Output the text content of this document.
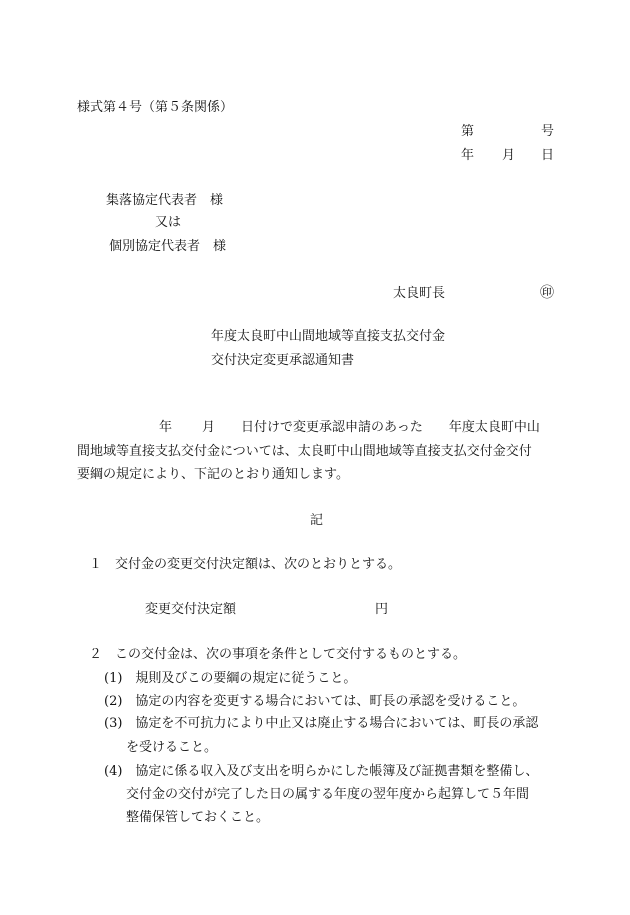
様式第４号（第５条関係）
第	号
年 月 日
集落協定代表者　様
又は
個別協定代表者　様
太良町長	㊞
年度太良町中山間地域等直接支払交付金
交付決定変更承認通知書
年 月 日付けで変更承認申請のあった　　年度太良町中山
間地域等直接支払交付金については、太良町中山間地域等直接支払交付金交付
要綱の規定により、下記のとおり通知します。
記
１　交付金の変更交付決定額は、次のとおりとする。
変更交付決定額	円
２　この交付金は、次の事項を条件として交付するものとする。
(1)　規則及びこの要綱の規定に従うこと。
(2)　協定の内容を変更する場合においては、町長の承認を受けること。
(3)　協定を不可抗力により中止又は廃止する場合においては、町長の承認
を受けること。
(4)　協定に係る収入及び支出を明らかにした帳簿及び証拠書類を整備し、
交付金の交付が完了した日の属する年度の翌年度から起算して５年間
整備保管しておくこと。
